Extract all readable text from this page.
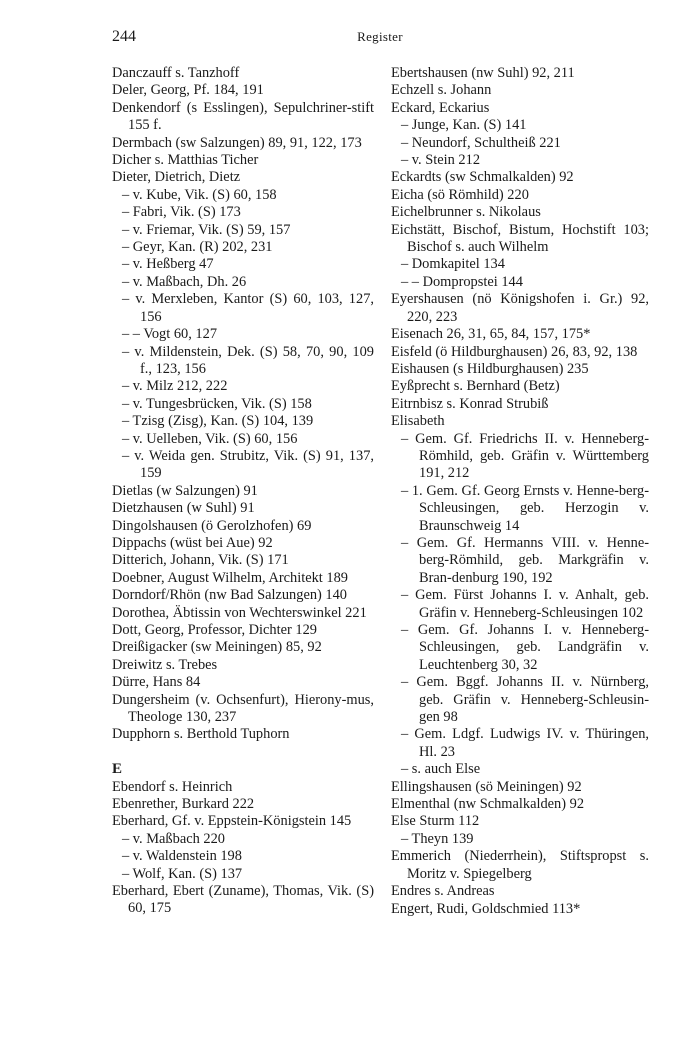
244	Register
Danczauff s. Tanzhoff
Deler, Georg, Pf. 184, 191
Denkendorf (s Esslingen), Sepulchriner-stift 155 f.
Dermbach (sw Salzungen) 89, 91, 122, 173
Dicher s. Matthias Ticher
Dieter, Dietrich, Dietz
– v. Kube, Vik. (S) 60, 158
– Fabri, Vik. (S) 173
– v. Friemar, Vik. (S) 59, 157
– Geyr, Kan. (R) 202, 231
– v. Heßberg 47
– v. Maßbach, Dh. 26
– v. Merxleben, Kantor (S) 60, 103, 127, 156
– – Vogt 60, 127
– v. Mildenstein, Dek. (S) 58, 70, 90, 109 f., 123, 156
– v. Milz 212, 222
– v. Tungesbrücken, Vik. (S) 158
– Tzisg (Zisg), Kan. (S) 104, 139
– v. Uelleben, Vik. (S) 60, 156
– v. Weida gen. Strubitz, Vik. (S) 91, 137, 159
Dietlas (w Salzungen) 91
Dietzhausen (w Suhl) 91
Dingolshausen (ö Gerolzhofen) 69
Dippachs (wüst bei Aue) 92
Ditterich, Johann, Vik. (S) 171
Doebner, August Wilhelm, Architekt 189
Dorndorf/Rhön (nw Bad Salzungen) 140
Dorothea, Äbtissin von Wechterswinkel 221
Dott, Georg, Professor, Dichter 129
Dreißigacker (sw Meiningen) 85, 92
Dreiwitz s. Trebes
Dürre, Hans 84
Dungersheim (v. Ochsenfurt), Hierony-mus, Theologe 130, 237
Dupphorn s. Berthold Tuphorn
E
Ebendorf s. Heinrich
Ebenrether, Burkard 222
Eberhard, Gf. v. Eppstein-Königstein 145
– v. Maßbach 220
– v. Waldenstein 198
– Wolf, Kan. (S) 137
Eberhard, Ebert (Zuname), Thomas, Vik. (S) 60, 175
Ebertshausen (nw Suhl) 92, 211
Echzell s. Johann
Eckard, Eckarius
– Junge, Kan. (S) 141
– Neundorf, Schultheiß 221
– v. Stein 212
Eckardts (sw Schmalkalden) 92
Eicha (sö Römhild) 220
Eichelbrunner s. Nikolaus
Eichstätt, Bischof, Bistum, Hochstift 103; Bischof s. auch Wilhelm
– Domkapitel 134
– – Dompropstei 144
Eyershausen (nö Königshofen i. Gr.) 92, 220, 223
Eisenach 26, 31, 65, 84, 157, 175*
Eisfeld (ö Hildburghausen) 26, 83, 92, 138
Eishausen (s Hildburghausen) 235
Eyßprecht s. Bernhard (Betz)
Eitrnbisz s. Konrad Strubiß
Elisabeth
– Gem. Gf. Friedrichs II. v. Henneberg-Römhild, geb. Gräfin v. Württemberg 191, 212
– 1. Gem. Gf. Georg Ernsts v. Henne-berg-Schleusingen, geb. Herzogin v. Braunschweig 14
– Gem. Gf. Hermanns VIII. v. Henne-berg-Römhild, geb. Markgräfin v. Bran-denburg 190, 192
– Gem. Fürst Johanns I. v. Anhalt, geb. Gräfin v. Henneberg-Schleusingen 102
– Gem. Gf. Johanns I. v. Henneberg-Schleusingen, geb. Landgräfin v. Leuchtenberg 30, 32
– Gem. Bggf. Johanns II. v. Nürnberg, geb. Gräfin v. Henneberg-Schleusin-gen 98
– Gem. Ldgf. Ludwigs IV. v. Thüringen, Hl. 23
– s. auch Else
Ellingshausen (sö Meiningen) 92
Elmenthal (nw Schmalkalden) 92
Else Sturm 112
– Theyn 139
Emmerich (Niederrhein), Stiftspropst s. Moritz v. Spiegelberg
Endres s. Andreas
Engert, Rudi, Goldschmied 113*
